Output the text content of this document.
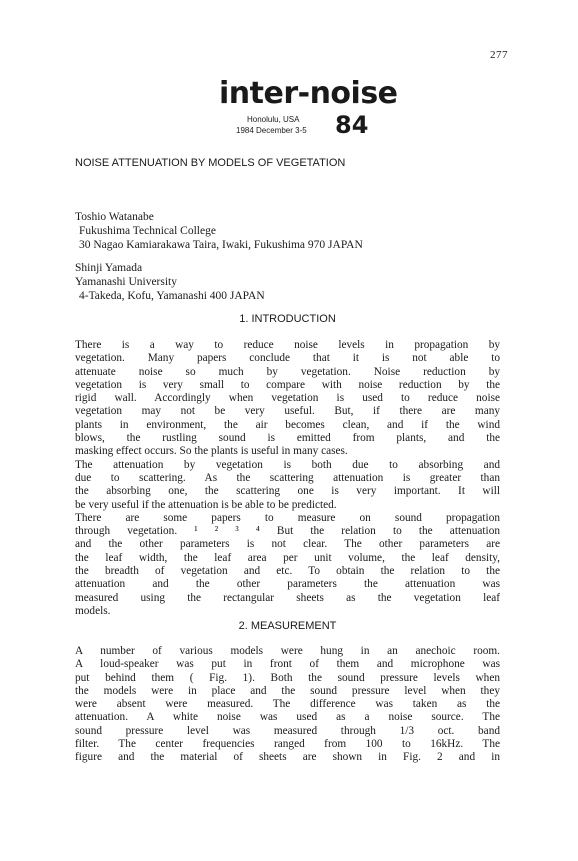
277
inter-noise
Honolulu, USA
1984 December 3-5 84
NOISE ATTENUATION BY MODELS OF VEGETATION
Toshio Watanabe
Fukushima Technical College
30 Nagao Kamiarakawa Taira, Iwaki, Fukushima 970 JAPAN
Shinji Yamada
Yamanashi University
4-Takeda, Kofu, Yamanashi 400 JAPAN
1. INTRODUCTION
There is a way to reduce noise levels in propagation by
vegetation. Many papers conclude that it is not able to
attenuate noise so much by vegetation. Noise reduction by
vegetation is very small to compare with noise reduction by the
rigid wall. Accordingly when vegetation is used to reduce noise
vegetation may not be very useful. But, if there are many
plants in environment, the air becomes clean, and if the wind
blows, the rustling sound is emitted from plants, and the
masking effect occurs. So the plants is useful in many cases.
The attenuation by vegetation is both due to absorbing and
due to scattering. As the scattering attenuation is greater than
the absorbing one, the scattering one is very important. It will
be very useful if the attenuation is be able to be predicted.
There are some papers to measure on sound propagation
through vegetation. ¹ ² ³ ⁴ But the relation to the attenuation
and the other parameters is not clear. The other parameters are
the leaf width, the leaf area per unit volume, the leaf density,
the breadth of vegetation and etc. To obtain the relation to the
attenuation and the other parameters the attenuation was
measured using the rectangular sheets as the vegetation leaf
models.
2. MEASUREMENT
A number of various models were hung in an anechoic room.
A loud-speaker was put in front of them and microphone was
put behind them ( Fig. 1). Both the sound pressure levels when
the models were in place and the sound pressure level when they
were absent were measured. The difference was taken as the
attenuation. A white noise was used as a noise source. The
sound pressure level was measured through 1/3 oct. band
filter. The center frequencies ranged from 100 to 16kHz. The
figure and the material of sheets are shown in Fig. 2 and in
